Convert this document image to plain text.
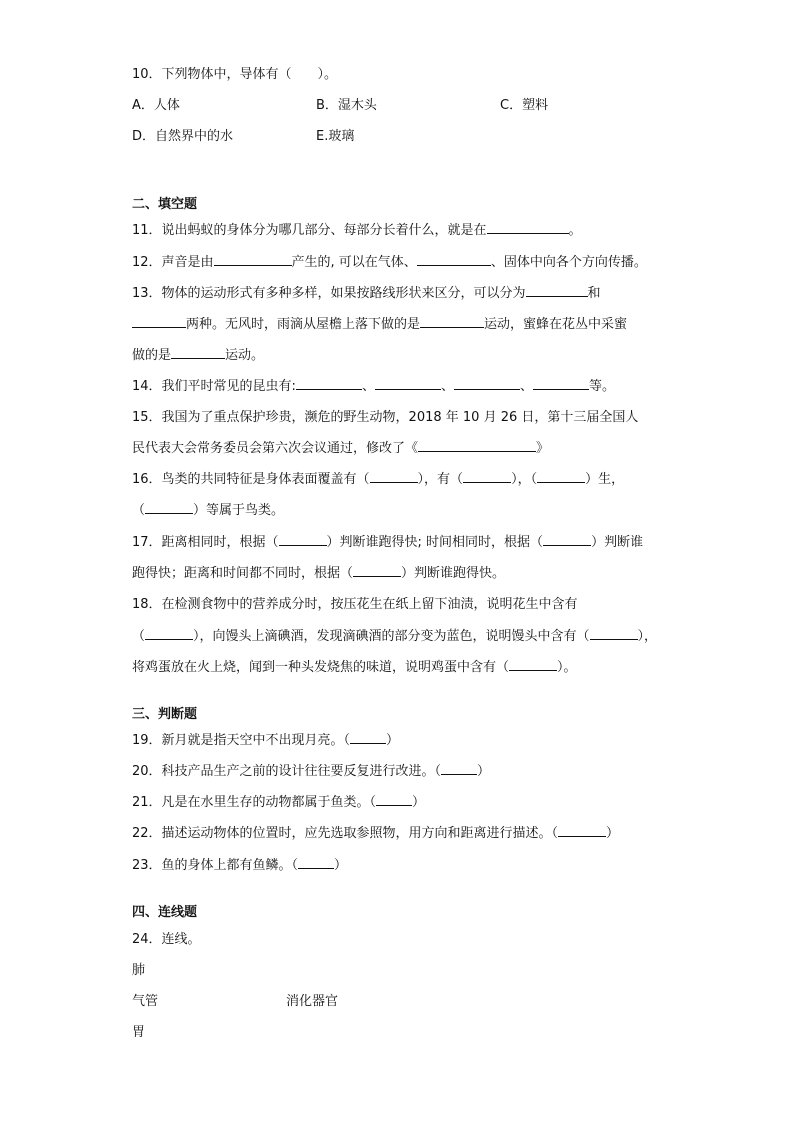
10．下列物体中，导体有（　　）。
A．人体	B．湿木头	C．塑料
D．自然界中的水	E.玻璃
二、填空题
11．说出蚂蚁的身体分为哪几部分、每部分长着什么，就是在	。
12．声音是由	产生的, 可以在气体、	、固体中向各个方向传播。
13．物体的运动形式有多种多样，如果按路线形状来区分，可以分为	和
两种。无风时，雨滴从屋檐上落下做的是	运动，蜜蜂在花丛中采蜜
做的是	运动。
14．我们平时常见的昆虫有:	、	、	、	等。
15．我国为了重点保护珍贵，濒危的野生动物，2018 年 10 月 26 日，第十三届全国人
民代表大会常务委员会第六次会议通过，修改了《	》
16．鸟类的共同特征是身体表面覆盖有（	），有（	），（	）生，
（	）等属于鸟类。
17．距离相同时，根据（	）判断谁跑得快; 时间相同时，根据（	）判断谁
跑得快；距离和时间都不同时，根据（	）判断谁跑得快。
18．在检测食物中的营养成分时，按压花生在纸上留下油渍，说明花生中含有
（	），向馒头上滴碘酒，发现滴碘酒的部分变为蓝色，说明馒头中含有（	），
将鸡蛋放在火上烧，闻到一种头发烧焦的味道，说明鸡蛋中含有（	）。
三、判断题
19．新月就是指天空中不出现月亮。（	）
20．科技产品生产之前的设计往往要反复进行改进。（	）
21．凡是在水里生存的动物都属于鱼类。（	）
22．描述运动物体的位置时，应先选取参照物，用方向和距离进行描述。（	）
23．鱼的身体上都有鱼鳞。（	）
四、连线题
24．连线。
肺
气管	消化器官
胃
